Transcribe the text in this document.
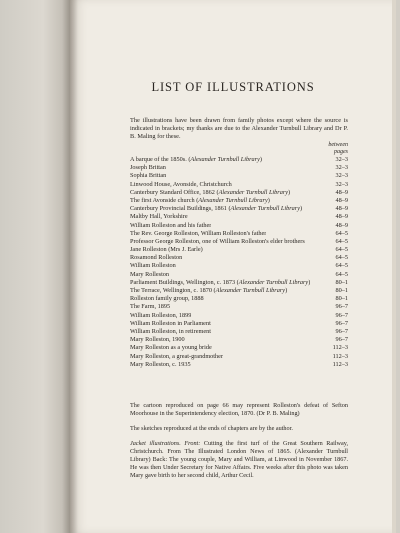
LIST OF ILLUSTRATIONS

The illustrations have been drawn from family photos except where the source is indicated in brackets; my thanks are due to the Alexander Turnbull Library and Dr P. B. Maling for these.

between
pages
A barque of the 1850s. (Alexander Turnbull Library)	32–3
Joseph Brittan	32–3
Sophia Brittan	32–3
Linwood House, Avonside, Christchurch	32–3
Canterbury Standard Office, 1862 (Alexander Turnbull Library)	48–9
The first Avonside church (Alexander Turnbull Library)	48–9
Canterbury Provincial Buildings, 1861 (Alexander Turnbull Library)	48–9
Maltby Hall, Yorkshire	48–9
William Rolleston and his father	48–9
The Rev. George Rolleston, William Rolleston's father	64–5
Professor George Rolleston, one of William Rolleston's elder brothers	64–5
Jane Rolleston (Mrs J. Earle)	64–5
Rosamond Rolleston	64–5
William Rolleston	64–5
Mary Rolleston	64–5
Parliament Buildings, Wellington, c. 1873 (Alexander Turnbull Library)	80–1
The Terrace, Wellington, c. 1870 (Alexander Turnbull Library)	80–1
Rolleston family group, 1888	80–1
The Farm, 1895	96–7
William Rolleston, 1899	96–7
William Rolleston in Parliament	96–7
William Rolleston, in retirement	96–7
Mary Rolleston, 1900	96–7
Mary Rolleston as a young bride	112–3
Mary Rolleston, a great-grandmother	112–3
Mary Rolleston, c. 1935	112–3

The cartoon reproduced on page 66 may represent Rolleston's defeat of Sefton Moorhouse in the Superintendency election, 1870. (Dr P. B. Maling)

The sketches reproduced at the ends of chapters are by the author.

Jacket illustrations. Front: Cutting the first turf of the Great Southern Railway, Christchurch. From The Illustrated London News of 1865. (Alexander Turnbull Library) Back: The young couple, Mary and William, at Linwood in November 1867. He was then Under Secretary for Native Affairs. Five weeks after this photo was taken Mary gave birth to her second child, Arthur Cecil.
